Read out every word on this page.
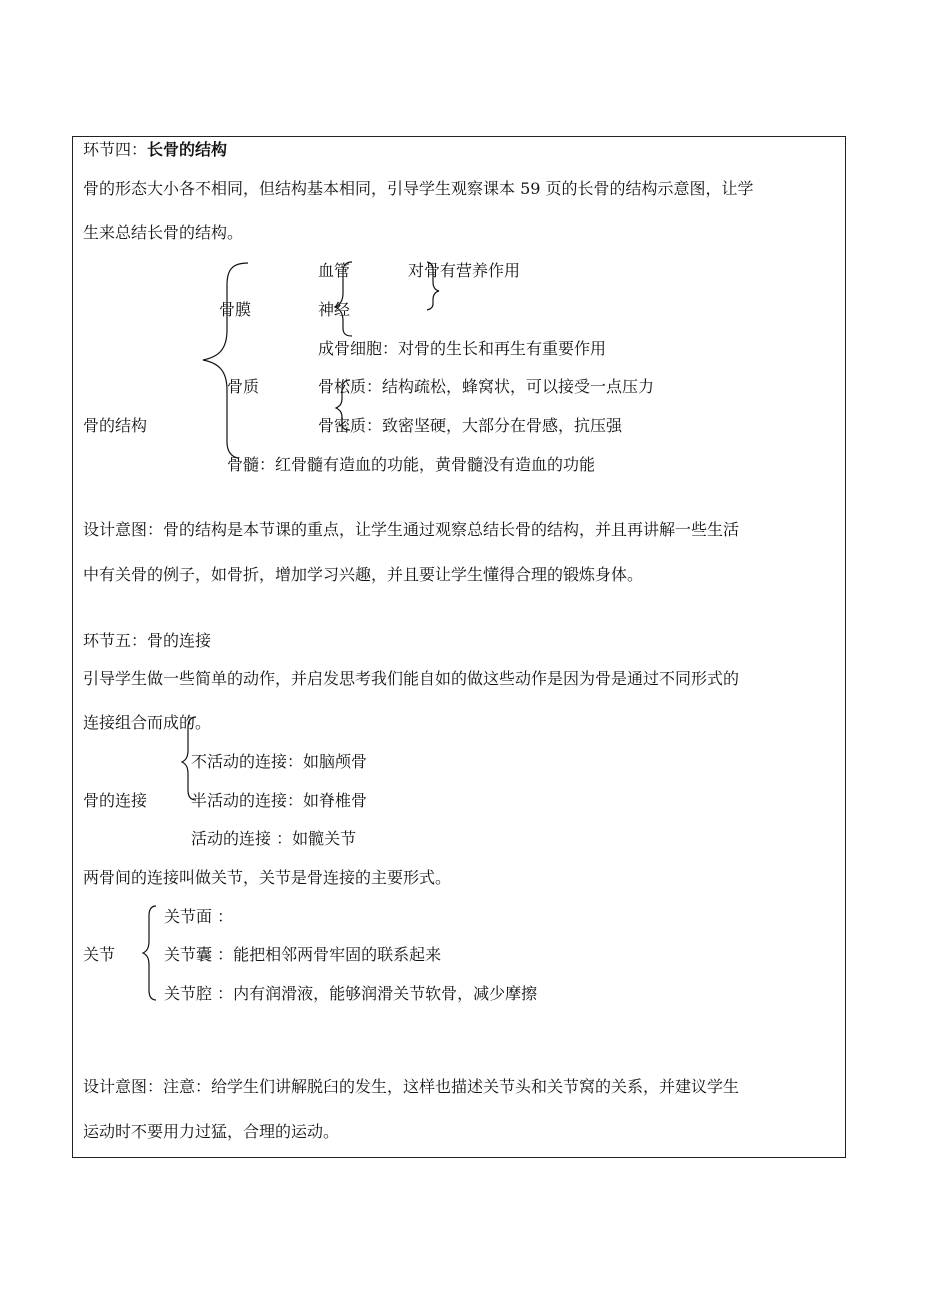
环节四：长骨的结构
骨的形态大小各不相同，但结构基本相同，引导学生观察课本 59 页的长骨的结构示意图，让学
生来总结长骨的结构。
血管	对骨有营养作用
骨膜	神经
成骨细胞：对骨的生长和再生有重要作用
骨质	骨松质：结构疏松，蜂窝状，可以接受一点压力
骨的结构	骨密质：致密坚硬，大部分在骨感，抗压强
骨髓：红骨髓有造血的功能，黄骨髓没有造血的功能
设计意图：骨的结构是本节课的重点，让学生通过观察总结长骨的结构，并且再讲解一些生活
中有关骨的例子，如骨折，增加学习兴趣，并且要让学生懂得合理的锻炼身体。
环节五：骨的连接
引导学生做一些简单的动作，并启发思考我们能自如的做这些动作是因为骨是通过不同形式的
连接组合而成的。
不活动的连接：如脑颅骨
骨的连接	半活动的连接：如脊椎骨
活动的连接 ：如髋关节
两骨间的连接叫做关节，关节是骨连接的主要形式。
关节面 ：
关节	关节囊 ：能把相邻两骨牢固的联系起来
关节腔 ：内有润滑液，能够润滑关节软骨，减少摩擦
设计意图：注意：给学生们讲解脱臼的发生，这样也描述关节头和关节窝的关系，并建议学生
运动时不要用力过猛，合理的运动。
